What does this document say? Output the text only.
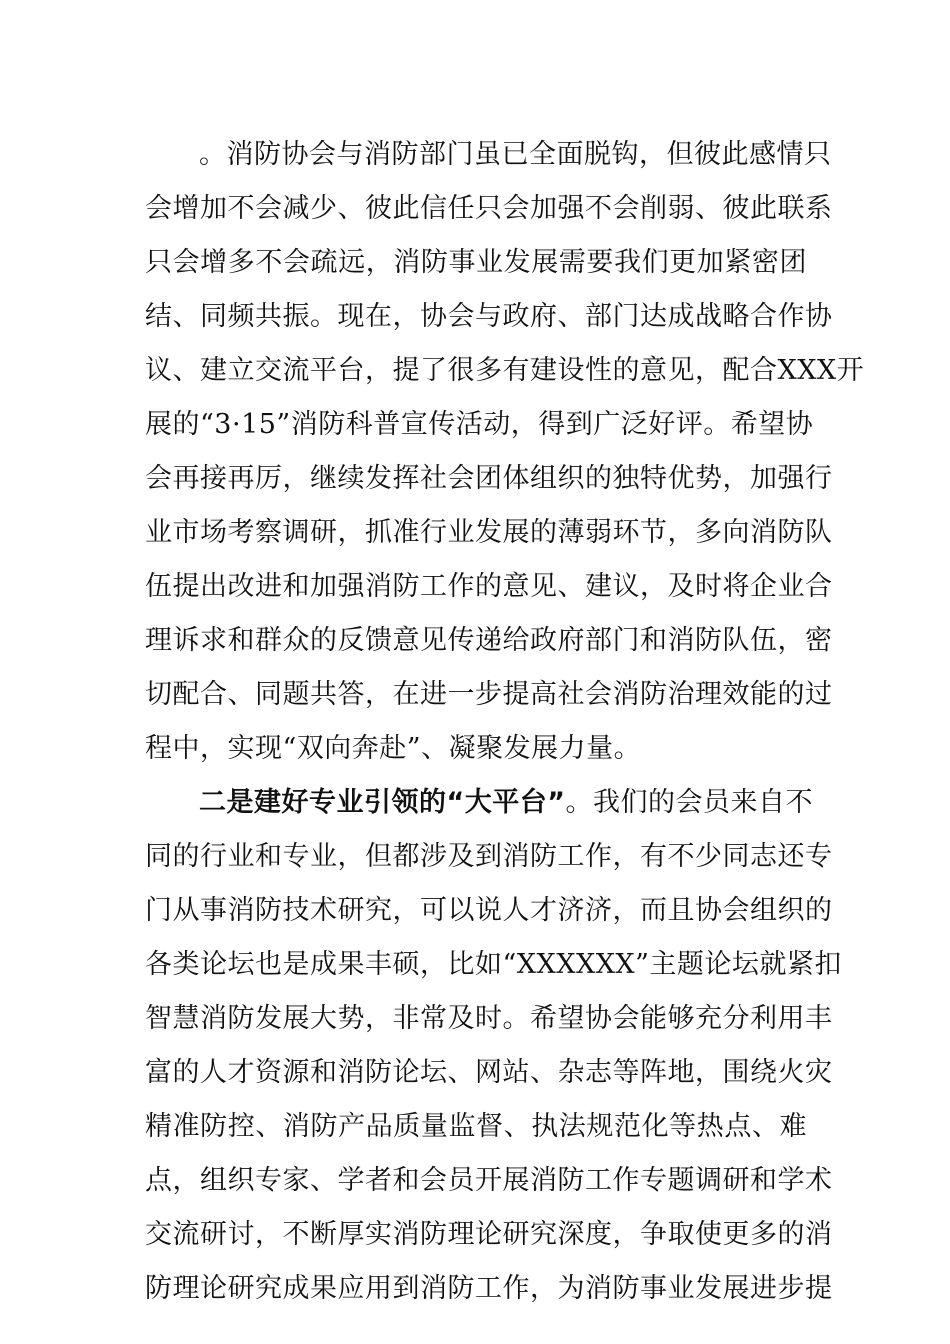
。消防协会与消防部门虽已全面脱钩，但彼此感情只
会增加不会减少、彼此信任只会加强不会削弱、彼此联系
只会增多不会疏远，消防事业发展需要我们更加紧密团
结、同频共振。现在，协会与政府、部门达成战略合作协
议、建立交流平台，提了很多有建设性的意见，配合XXX开
展的“3·15”消防科普宣传活动，得到广泛好评。希望协
会再接再厉，继续发挥社会团体组织的独特优势，加强行
业市场考察调研，抓准行业发展的薄弱环节，多向消防队
伍提出改进和加强消防工作的意见、建议，及时将企业合
理诉求和群众的反馈意见传递给政府部门和消防队伍，密
切配合、同题共答，在进一步提高社会消防治理效能的过
程中，实现“双向奔赴”、凝聚发展力量。
二是建好专业引领的“大平台”。我们的会员来自不
同的行业和专业，但都涉及到消防工作，有不少同志还专
门从事消防技术研究，可以说人才济济，而且协会组织的
各类论坛也是成果丰硕，比如“XXXXXX”主题论坛就紧扣
智慧消防发展大势，非常及时。希望协会能够充分利用丰
富的人才资源和消防论坛、网站、杂志等阵地，围绕火灾
精准防控、消防产品质量监督、执法规范化等热点、难
点，组织专家、学者和会员开展消防工作专题调研和学术
交流研讨，不断厚实消防理论研究深度，争取使更多的消
防理论研究成果应用到消防工作，为消防事业发展进步提
